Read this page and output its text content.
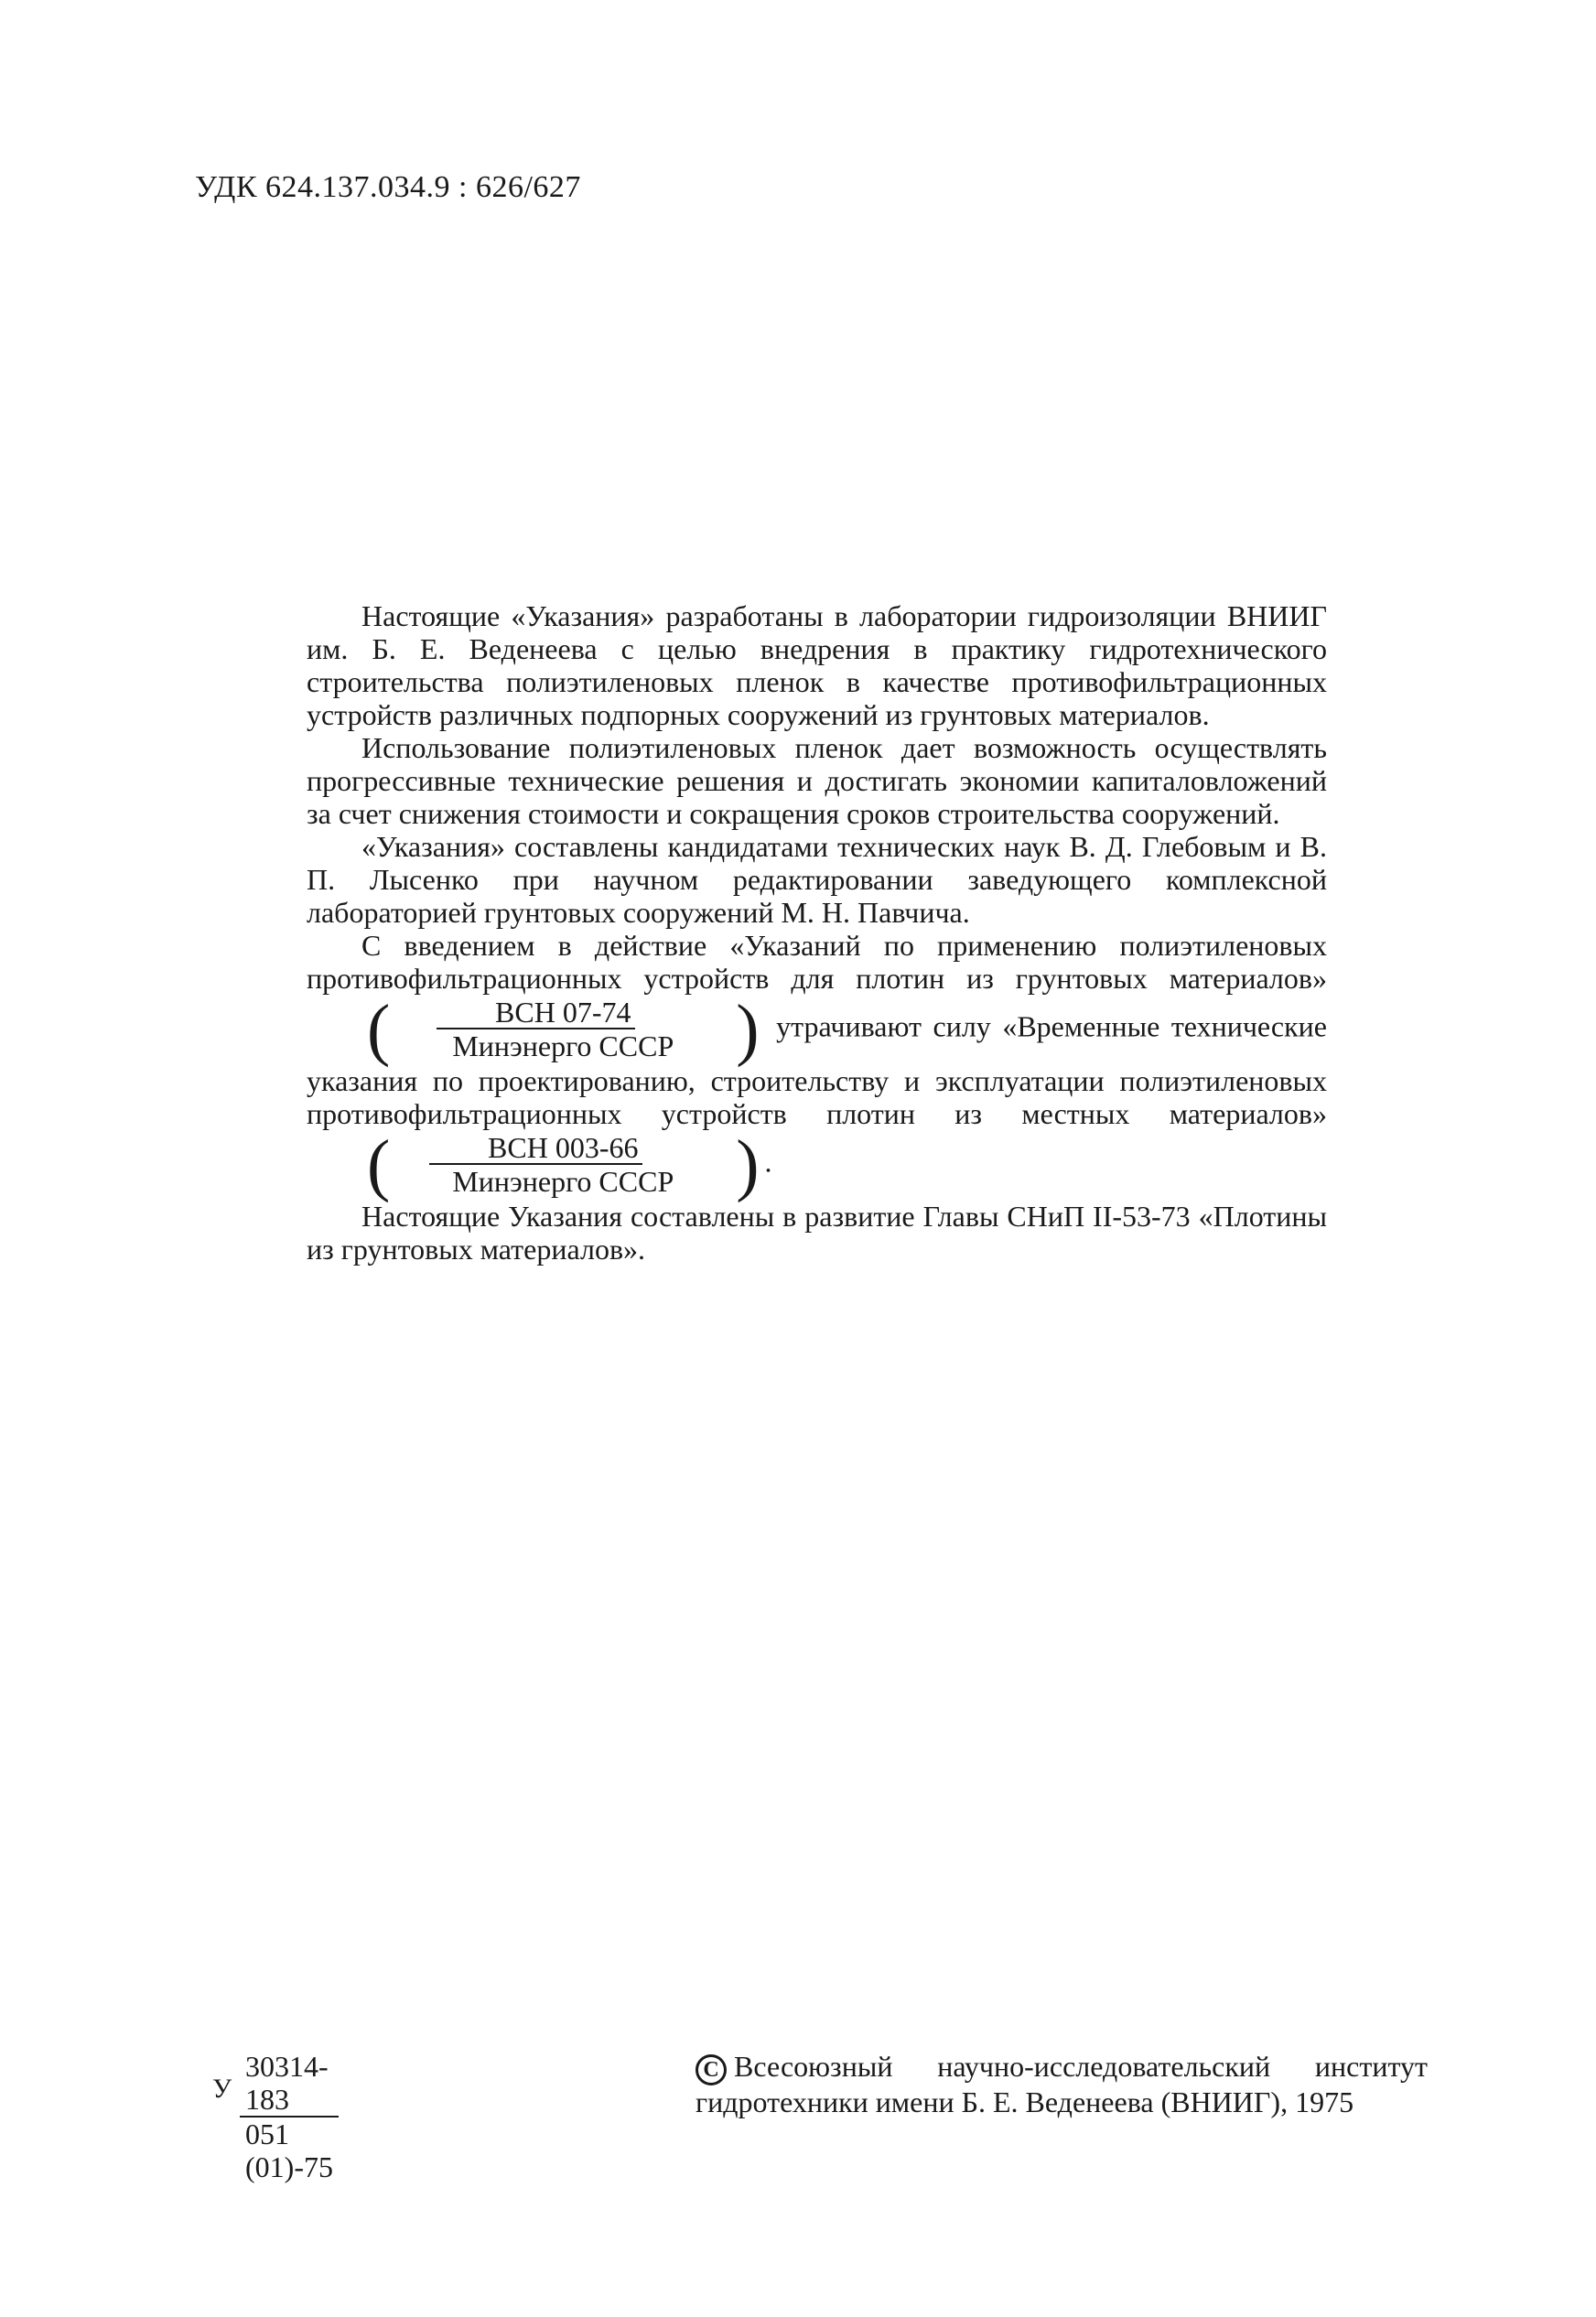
УДК 624.137.034.9 : 626/627

Настоящие «Указания» разработаны в лаборатории гидроизоляции ВНИИГ им. Б. Е. Веденеева с целью внедрения в практику гидротехнического строительства полиэтиленовых пленок в качестве противофильтрационных устройств различных подпорных сооружений из грунтовых материалов.

Использование полиэтиленовых пленок дает возможность осуществлять прогрессивные технические решения и достигать экономии капиталовложений за счет снижения стоимости и сокращения сроков строительства сооружений.

«Указания» составлены кандидатами технических наук В. Д. Глебовым и В. П. Лысенко при научном редактировании заведующего комплексной лабораторией грунтовых сооружений М. Н. Павчича.

С введением в действие «Указаний по применению полиэтиленовых противофильтрационных устройств для плотин из грунтовых материалов»
( $\frac{\text{ВСН 07-74}}{\text{Минэнерго СССР}}$ ) утрачивают силу «Временные технические указания по проектированию, строительству и эксплуатации полиэтиленовых противофильтрационных устройств плотин из местных материалов»
( $\frac{\text{ВСН 003-66}}{\text{Минэнерго СССР}}$ ) .

Настоящие Указания составлены в развитие Главы СНиП II-53-73 «Плотины из грунтовых материалов».

У $\frac{30314-183}{051 (01)-75}$	C Всесоюзный научно-исследовательский институт гидротехники имени Б. Е. Веденеева (ВНИИГ), 1975
